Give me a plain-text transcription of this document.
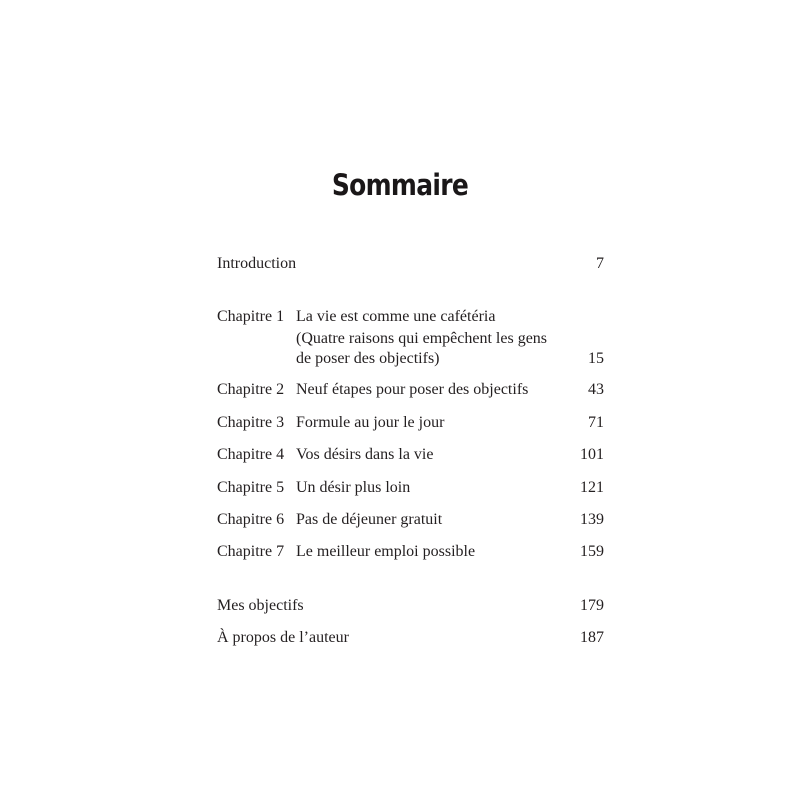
Sommaire
Introduction	7
Chapitre 1 La vie est comme une cafétéria
(Quatre raisons qui empêchent les gens
de poser des objectifs)	15
Chapitre 2 Neuf étapes pour poser des objectifs	43
Chapitre 3 Formule au jour le jour	71
Chapitre 4 Vos désirs dans la vie	101
Chapitre 5 Un désir plus loin	121
Chapitre 6 Pas de déjeuner gratuit	139
Chapitre 7 Le meilleur emploi possible	159
Mes objectifs	179
À propos de l’auteur	187
